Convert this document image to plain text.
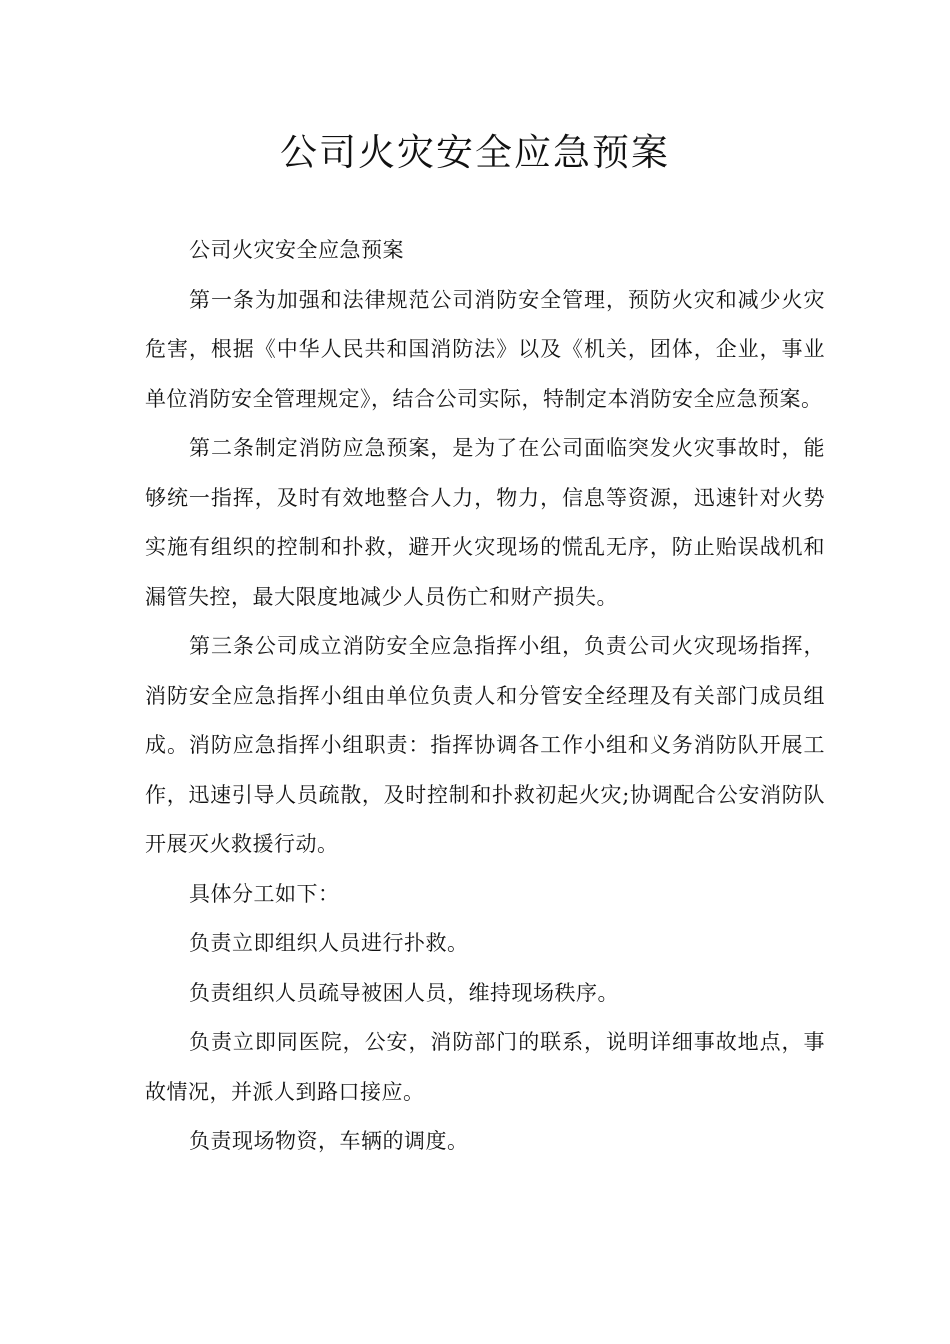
公司火灾安全应急预案

公司火灾安全应急预案

第一条为加强和法律规范公司消防安全管理，预防火灾和减少火灾危害，根据《中华人民共和国消防法》以及《机关，团体，企业，事业单位消防安全管理规定》，结合公司实际，特制定本消防安全应急预案。

第二条制定消防应急预案，是为了在公司面临突发火灾事故时，能够统一指挥，及时有效地整合人力，物力，信息等资源，迅速针对火势实施有组织的控制和扑救，避开火灾现场的慌乱无序，防止贻误战机和漏管失控，最大限度地减少人员伤亡和财产损失。

第三条公司成立消防安全应急指挥小组，负责公司火灾现场指挥，消防安全应急指挥小组由单位负责人和分管安全经理及有关部门成员组成。消防应急指挥小组职责：指挥协调各工作小组和义务消防队开展工作，迅速引导人员疏散，及时控制和扑救初起火灾;协调配合公安消防队开展灭火救援行动。

具体分工如下：

负责立即组织人员进行扑救。

负责组织人员疏导被困人员，维持现场秩序。

负责立即同医院，公安，消防部门的联系，说明详细事故地点，事故情况，并派人到路口接应。

负责现场物资，车辆的调度。
